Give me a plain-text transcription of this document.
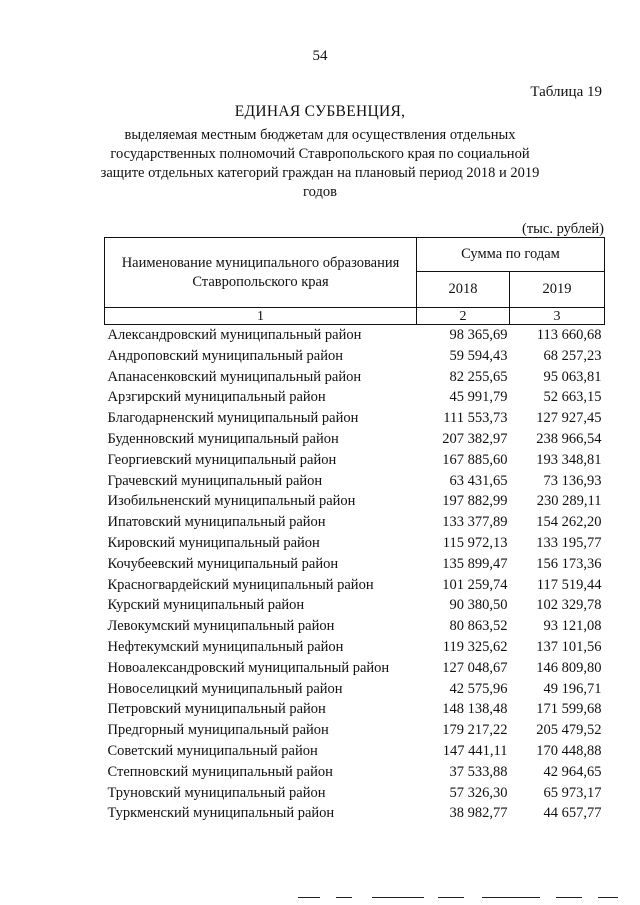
54
Таблица 19
ЕДИНАЯ СУБВЕНЦИЯ,
выделяемая местным бюджетам для осуществления отдельных государственных полномочий Ставропольского края по социальной защите отдельных категорий граждан на плановый период 2018 и 2019 годов
(тыс. рублей)
Наименование муниципального образования Ставропольского края	Сумма по годам	
	2018	2019
1	2	3
Александровский муниципальный район	98 365,69	113 660,68
Андроповский муниципальный район	59 594,43	68 257,23
Апанасенковский муниципальный район	82 255,65	95 063,81
Арзгирский муниципальный район	45 991,79	52 663,15
Благодарненский муниципальный район	111 553,73	127 927,45
Буденновский муниципальный район	207 382,97	238 966,54
Георгиевский муниципальный район	167 885,60	193 348,81
Грачевский муниципальный район	63 431,65	73 136,93
Изобильненский муниципальный район	197 882,99	230 289,11
Ипатовский муниципальный район	133 377,89	154 262,20
Кировский муниципальный район	115 972,13	133 195,77
Кочубеевский муниципальный район	135 899,47	156 173,36
Красногвардейский муниципальный район	101 259,74	117 519,44
Курский муниципальный район	90 380,50	102 329,78
Левокумский муниципальный район	80 863,52	93 121,08
Нефтекумский муниципальный район	119 325,62	137 101,56
Новоалександровский муниципальный район	127 048,67	146 809,80
Новоселицкий муниципальный район	42 575,96	49 196,71
Петровский муниципальный район	148 138,48	171 599,68
Предгорный муниципальный район	179 217,22	205 479,52
Советский муниципальный район	147 441,11	170 448,88
Степновский муниципальный район	37 533,88	42 964,65
Труновский муниципальный район	57 326,30	65 973,17
Туркменский муниципальный район	38 982,77	44 657,77
